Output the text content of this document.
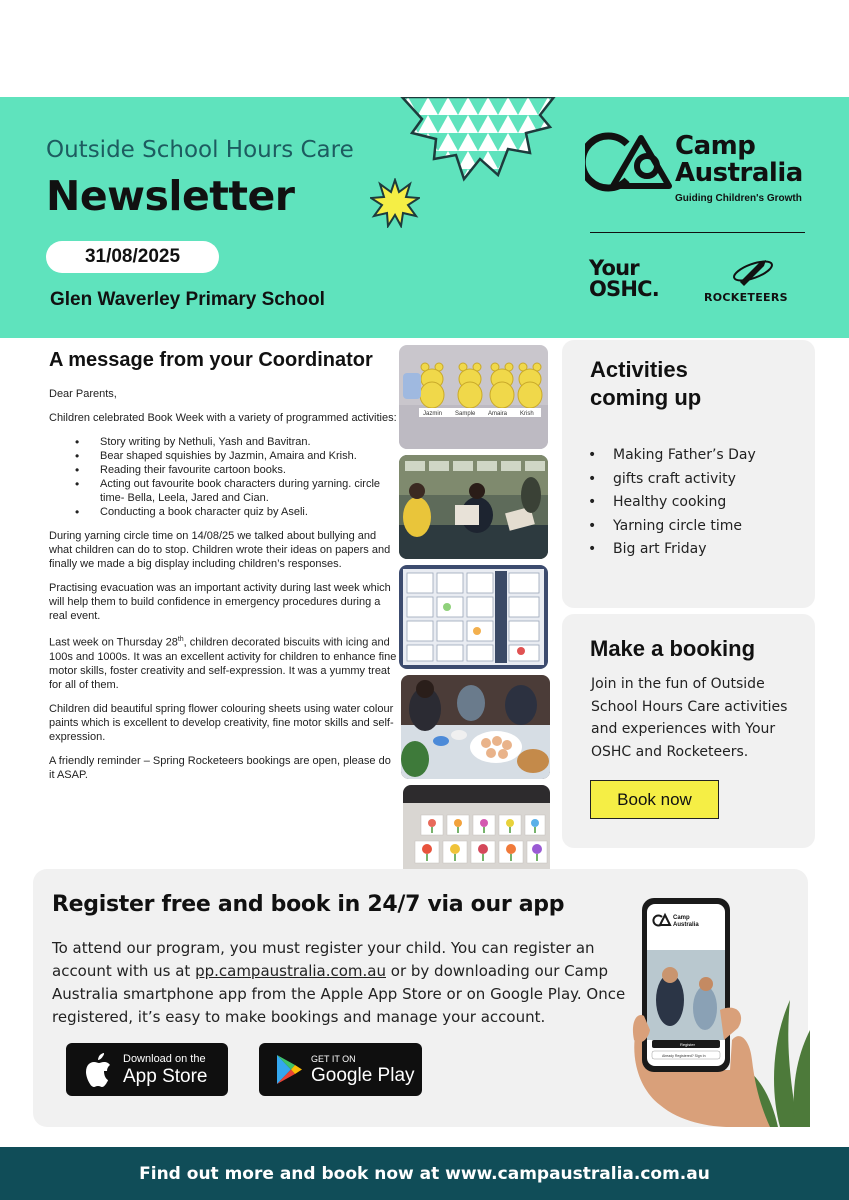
Outside School Hours Care
Newsletter
31/08/2025
Glen Waverley Primary School
Camp
Australia
Guiding Children's Growth
Your
OSHC.	ROCKETEERS
A message from your Coordinator

Dear Parents,

Children celebrated Book Week with a variety of programmed activities:

• Story writing by Nethuli, Yash and Bavitran.
• Bear shaped squishies by Jazmin, Amaira and Krish.
• Reading their favourite cartoon books.
• Acting out favourite book characters during yarning. circle time- Bella, Leela, Jared and Cian.
• Conducting a book character quiz by Aseli.

During yarning circle time on 14/08/25 we talked about bullying and what children can do to stop. Children wrote their ideas on papers and finally we made a big display including children’s responses.

Practising evacuation was an important activity during last week which will help them to build confidence in emergency procedures during a real event.

Last week on Thursday 28th, children decorated biscuits with icing and 100s and 1000s. It was an excellent activity for children to enhance fine motor skills, foster creativity and self-expression. It was a yummy treat for all of them.

Children did beautiful spring flower colouring sheets using water colour paints which is excellent to develop creativity, fine motor skills and self-expression.

A friendly reminder – Spring Rocketeers bookings are open, please do it ASAP.

Jazmin Sample Amaira Krish
Activities
coming up
• Making Father’s Day
• gifts craft activity
• Healthy cooking
• Yarning circle time
• Big art Friday
Make a booking
Join in the fun of Outside School Hours Care activities and experiences with Your OSHC and Rocketeers.
Book now
Register free and book in 24/7 via our app
To attend our program, you must register your child. You can register an account with us at pp.campaustralia.com.au or by downloading our Camp Australia smartphone app from the Apple App Store or on Google Play. Once registered, it’s easy to make bookings and manage your account.
Download on the
App Store
GET IT ON
Google Play
Camp
Australia
Register
Already Registered? Sign In
Find out more and book now at www.campaustralia.com.au
